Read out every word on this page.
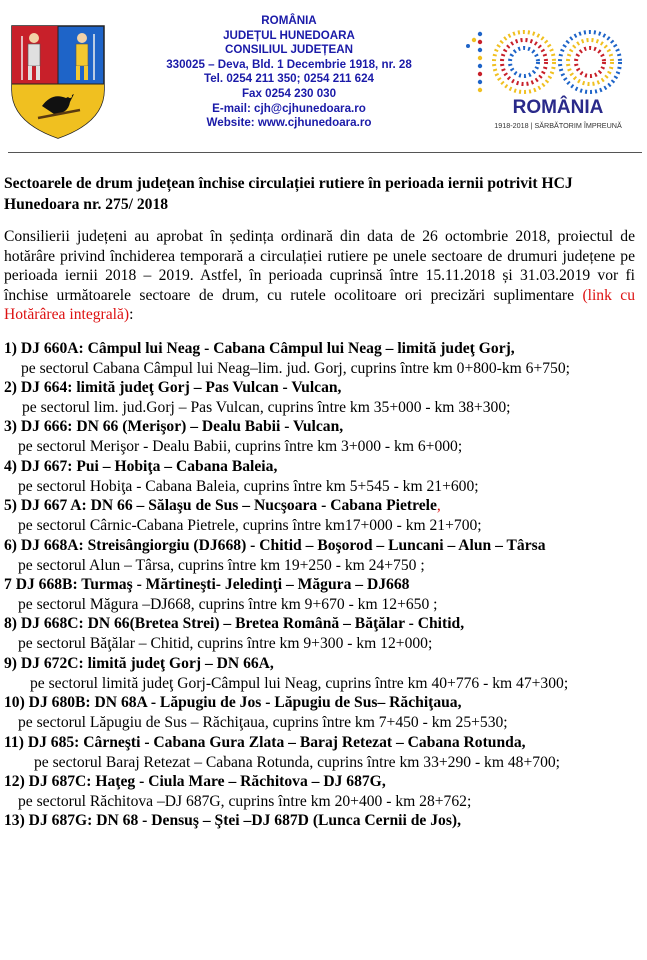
ROMÂNIA
JUDEȚUL HUNEDOARA
CONSILIUL JUDEȚEAN
330025 – Deva, Bld. 1 Decembrie 1918, nr. 28
Tel. 0254 211 350; 0254 211 624
Fax 0254 230 030
E-mail: cjh@cjhunedoara.ro
Website: www.cjhunedoara.ro
ROMÂNIA
1918-2018 | SĂRBĂTORIM ÎMPREUNĂ
Sectoarele de drum județean închise circulației rutiere în perioada iernii potrivit HCJ Hunedoara nr. 275/ 2018
Consilierii județeni au aprobat în ședința ordinară din data de 26 octombrie 2018, proiectul de hotărâre privind închiderea temporară a circulației rutiere pe unele sectoare de drumuri județene pe perioada iernii 2018 – 2019. Astfel, în perioada cuprinsă între 15.11.2018 și 31.03.2019 vor fi închise următoarele sectoare de drum, cu rutele ocolitoare ori precizări suplimentare (link cu Hotărârea integrală):
1) DJ 660A: Câmpul lui Neag - Cabana Câmpul lui Neag – limită judeţ Gorj,
pe sectorul Cabana Câmpul lui Neag–lim. jud. Gorj, cuprins între km 0+800-km 6+750;
2) DJ 664: limită judeţ Gorj – Pas Vulcan - Vulcan,
pe sectorul lim. jud.Gorj – Pas Vulcan, cuprins între km 35+000 - km 38+300;
3) DJ 666: DN 66 (Merişor) – Dealu Babii - Vulcan,
pe sectorul Merişor - Dealu Babii, cuprins între km 3+000 - km 6+000;
4) DJ 667: Pui – Hobiţa – Cabana Baleia,
pe sectorul Hobiţa - Cabana Baleia, cuprins între km 5+545 - km 21+600;
5) DJ 667 A: DN 66 – Sălaşu de Sus – Nucşoara - Cabana Pietrele,
pe sectorul Cârnic-Cabana Pietrele, cuprins între km17+000 - km 21+700;
6) DJ 668A: Streisângiorgiu (DJ668) - Chitid – Boşorod – Luncani – Alun – Târsa
pe sectorul Alun – Târsa, cuprins între km 19+250 - km 24+750 ;
7 DJ 668B: Turmaş - Mărtineşti- Jeledinţi – Măgura – DJ668
pe sectorul Măgura –DJ668, cuprins între km 9+670 - km 12+650 ;
8) DJ 668C: DN 66(Bretea Strei) – Bretea Română – Băţălar - Chitid,
pe sectorul Băţălar – Chitid, cuprins între km 9+300 - km 12+000;
9) DJ 672C: limită judeţ Gorj – DN 66A,
pe sectorul limită judeţ Gorj-Câmpul lui Neag, cuprins între km 40+776 - km 47+300;
10) DJ 680B: DN 68A - Lăpugiu de Jos - Lăpugiu de Sus– Răchiţaua,
pe sectorul Lăpugiu de Sus – Răchiţaua, cuprins între km 7+450 - km 25+530;
11) DJ 685: Cârneşti - Cabana Gura Zlata – Baraj Retezat – Cabana Rotunda,
pe sectorul Baraj Retezat – Cabana Rotunda, cuprins între km 33+290 - km 48+700;
12) DJ 687C: Haţeg - Ciula Mare – Răchitova – DJ 687G,
pe sectorul Răchitova –DJ 687G, cuprins între km 20+400 - km 28+762;
13) DJ 687G: DN 68 - Densuş – Ştei –DJ 687D (Lunca Cernii de Jos),
